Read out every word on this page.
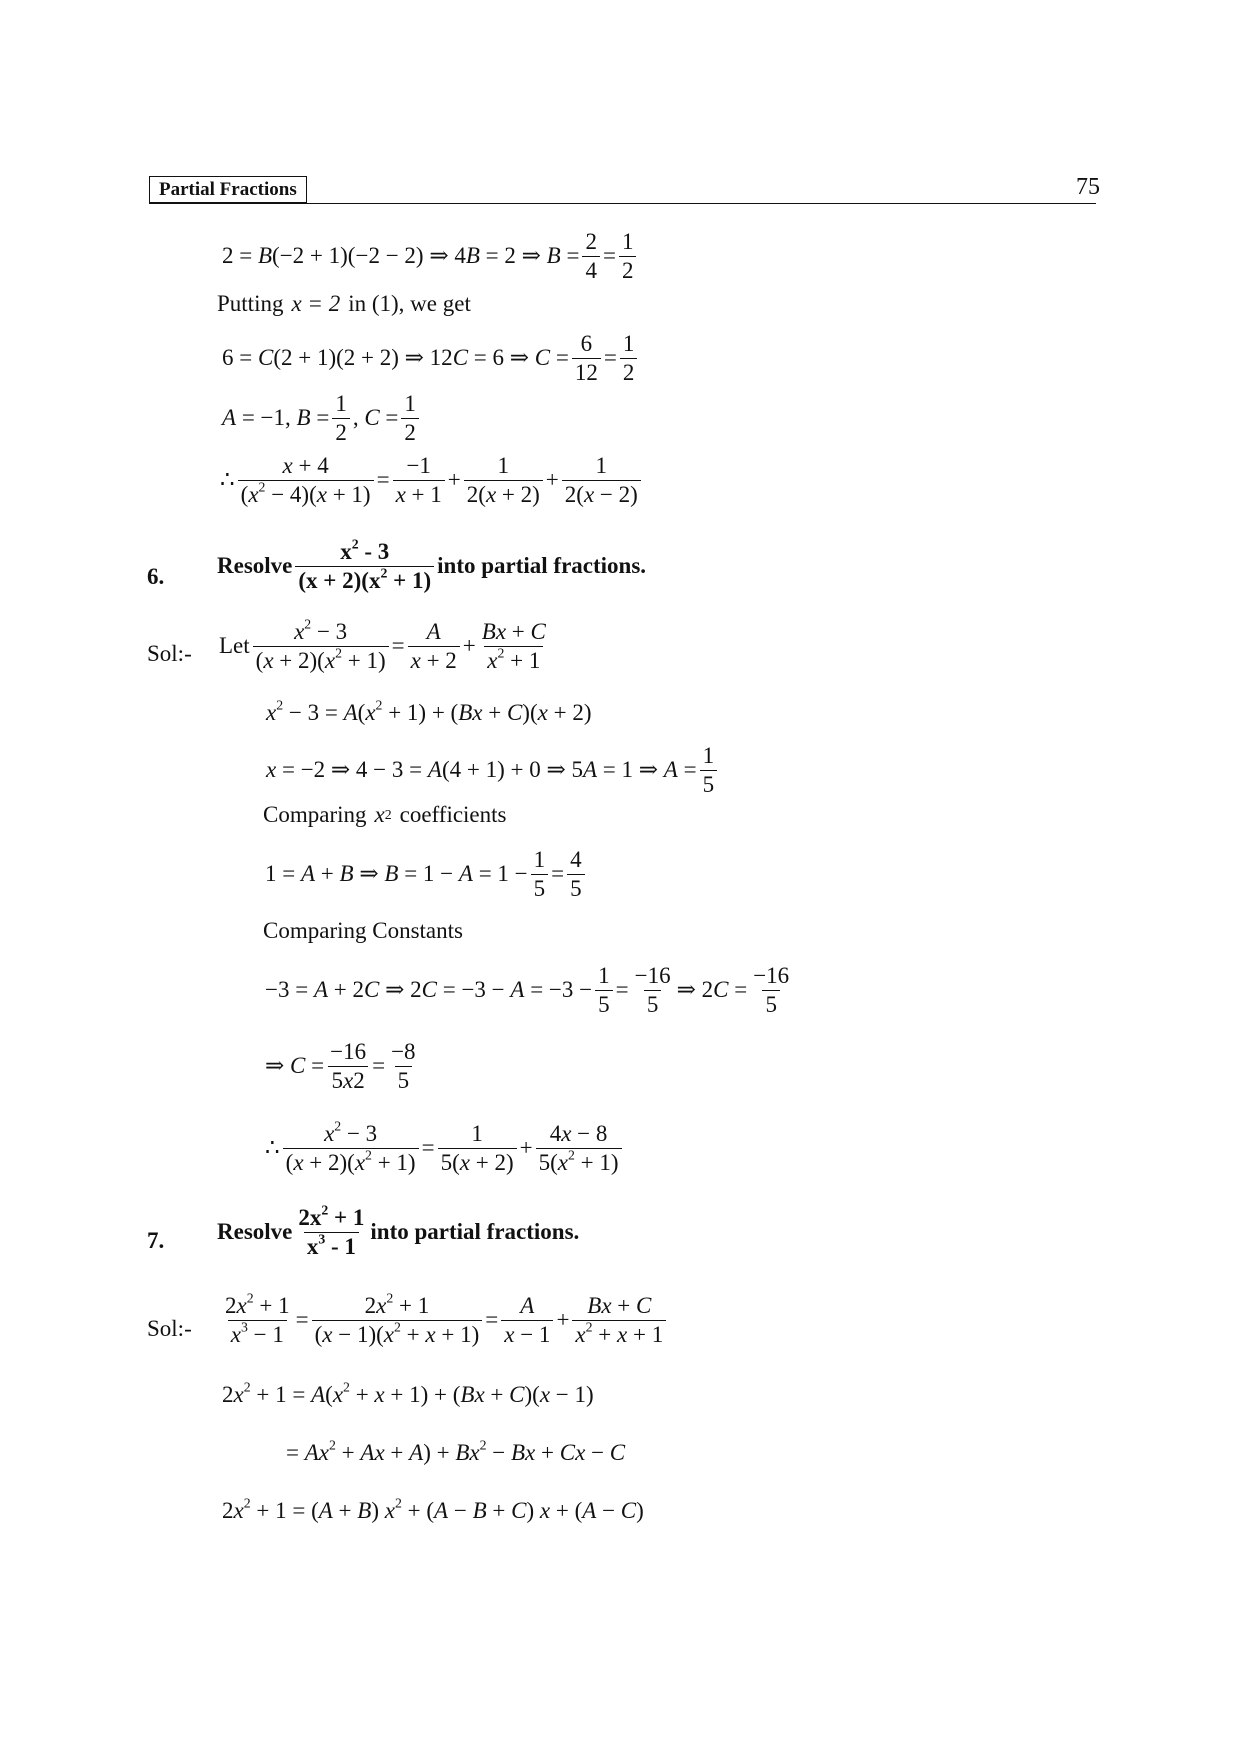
Partial Fractions	75
2 = B(−2 + 1)(−2 − 2) ⇒ 4B = 2 ⇒ $B = \frac{2}{4} = \frac{1}{2}$
Putting x = 2 in (1), we get
6 = C(2 + 1)(2 + 2) ⇒ 12C = 6 ⇒ $C = \frac{6}{12} = \frac{1}{2}$
A = −1, $B = \frac{1}{2}$ , $C = \frac{1}{2}$
∴ $\frac{x + 4}{(x^2 - 4)(x + 1)} = \frac{-1}{x + 1} + \frac{1}{2(x + 2)} + \frac{1}{2(x - 2)}$
6. Resolve
$x^2 - 3$
$(x + 2)(x^2 + 1)$
into partial fractions.
Sol:- Let $\frac{x^2 - 3}{(x + 2)(x^2 + 1)} = \frac{A}{x + 2} + \frac{Bx + C}{x^2 + 1}$
$x^2 - 3 = A(x^2 + 1) + (Bx + C)(x + 2)$
x = −2 ⇒ 4 − 3 = A(4 + 1) + 0 ⇒ 5A = 1 ⇒ $A = \frac{1}{5}$
Comparing x 2 coefficients
1 = A + B ⇒ $B = 1 - A = 1 - \frac{1}{5} = \frac{4}{5}$
Comparing Constants
−3 = A + 2C ⇒ $2C = -3 - A = -3 - \frac{1}{5} = \frac{-16}{5}$ ⇒ $2C = \frac{-16}{5}$
⇒ $C = \frac{-16}{5x2} = \frac{-8}{5}$
∴ $\frac{x^2 - 3}{(x + 2)(x^2 + 1)} = \frac{1}{5(x + 2)} + \frac{4x - 8}{5(x^2 + 1)}$
7. Resolve
$2x^2 + 1$
$x^3 - 1$
into partial fractions.
Sol:- $\frac{2x^2 + 1}{x^3 - 1} = \frac{2x^2 + 1}{(x - 1)(x^2 + x + 1)} = \frac{A}{x - 1} + \frac{Bx + C}{x^2 + x + 1}$
$2x^2 + 1 = A(x^2 + x + 1) + (Bx + C)(x - 1)$
= $Ax^2 + Ax + A) + Bx^2 - Bx + Cx - C$
$2x^2 + 1 = (A + B) x^2 + (A - B + C) x + (A - C)$
